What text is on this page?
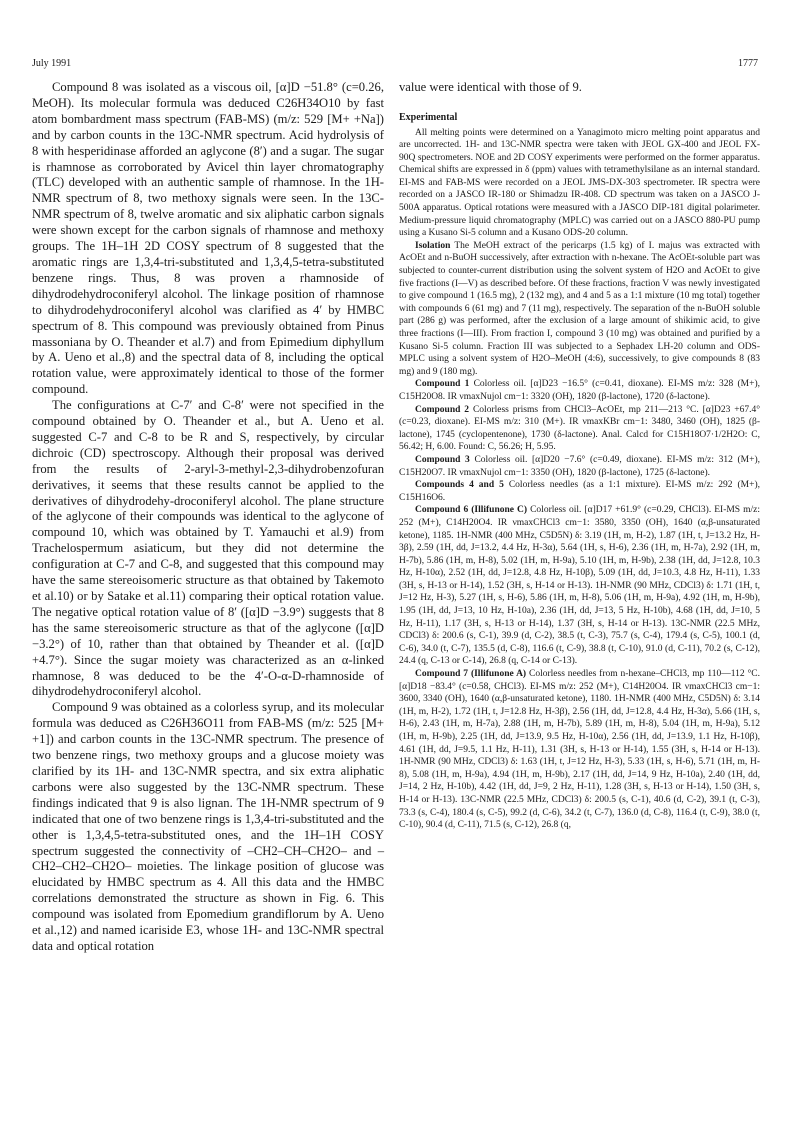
July 1991	1777

Compound 8 was isolated as a viscous oil, [α]D −51.8° (c=0.26, MeOH). Its molecular formula was deduced C26H34O10 by fast atom bombardment mass spectrum (FAB-MS) (m/z: 529 [M+ +Na]) and by carbon counts in the 13C-NMR spectrum. Acid hydrolysis of 8 with hesperidinase afforded an aglycone (8′) and a sugar. The sugar is rhamnose as corroborated by Avicel thin layer chromatography (TLC) developed with an authentic sample of rhamnose. In the 1H-NMR spectrum of 8, two methoxy signals were seen. In the 13C-NMR spectrum of 8, twelve aromatic and six aliphatic carbon signals were shown except for the carbon signals of rhamnose and methoxy groups. The 1H–1H 2D COSY spectrum of 8 suggested that the aromatic rings are 1,3,4-tri-substituted and 1,3,4,5-tetra-substituted benzene rings. Thus, 8 was proven a rhamnoside of dihydrodehydroconiferyl alcohol. The linkage position of rhamnose to dihydrodehydroconiferyl alcohol was clarified as 4′ by HMBC spectrum of 8. This compound was previously obtained from Pinus massoniana by O. Theander et al.7) and from Epimedium diphyllum by A. Ueno et al.,8) and the spectral data of 8, including the optical rotation value, were approximately identical to those of the former compound.

The configurations at C-7′ and C-8′ were not specified in the compound obtained by O. Theander et al., but A. Ueno et al. suggested C-7 and C-8 to be R and S, respectively, by circular dichroic (CD) spectroscopy. Although their proposal was derived from the results of 2-aryl-3-methyl-2,3-dihydrobenzofuran derivatives, it seems that these results cannot be applied to the derivatives of dihydrodehy-droconiferyl alcohol. The plane structure of the aglycone of their compounds was identical to the aglycone of compound 10, which was obtained by T. Yamauchi et al.9) from Trachelospermum asiaticum, but they did not determine the configuration at C-7 and C-8, and suggested that this compound may have the same stereoisomeric structure as that obtained by Takemoto et al.10) or by Satake et al.11) comparing their optical rotation value. The negative optical rotation value of 8′ ([α]D −3.9°) suggests that 8 has the same stereoisomeric structure as that of the aglycone ([α]D −3.2°) of 10, rather than that obtained by Theander et al. ([α]D +4.7°). Since the sugar moiety was characterized as an α-linked rhamnose, 8 was deduced to be the 4′-O-α-D-rhamnoside of dihydrodehydroconiferyl alcohol.

Compound 9 was obtained as a colorless syrup, and its molecular formula was deduced as C26H36O11 from FAB-MS (m/z: 525 [M+ +1]) and carbon counts in the 13C-NMR spectrum. The presence of two benzene rings, two methoxy groups and a glucose moiety was clarified by its 1H- and 13C-NMR spectra, and six extra aliphatic carbons were also suggested by the 13C-NMR spectrum. These findings indicated that 9 is also lignan. The 1H-NMR spectrum of 9 indicated that one of two benzene rings is 1,3,4-tri-substituted and the other is 1,3,4,5-tetra-substituted ones, and the 1H–1H COSY spectrum suggested the connectivity of –CH2–CH–CH2O– and –CH2–CH2–CH2O– moieties. The linkage position of glucose was elucidated by HMBC spectrum as 4. All this data and the HMBC correlations demonstrated the structure as shown in Fig. 6. This compound was isolated from Epomedium grandiflorum by A. Ueno et al.,12) and named icariside E3, whose 1H- and 13C-NMR spectral data and optical rotation

value were identical with those of 9.

Experimental

All melting points were determined on a Yanagimoto micro melting point apparatus and are uncorrected. 1H- and 13C-NMR spectra were taken with JEOL GX-400 and JEOL FX-90Q spectrometers. NOE and 2D COSY experiments were performed on the former apparatus. Chemical shifts are expressed in δ (ppm) values with tetramethylsilane as an internal standard. EI-MS and FAB-MS were recorded on a JEOL JMS-DX-303 spectrometer. IR spectra were recorded on a JASCO IR-180 or Shimadzu IR-408. CD spectrum was taken on a JASCO J-500A apparatus. Optical rotations were measured with a JASCO DIP-181 digital polarimeter. Medium-pressure liquid chromatography (MPLC) was carried out on a JASCO 880-PU pump using a Kusano Si-5 column and a Kusano ODS-20 column.

Isolation The MeOH extract of the pericarps (1.5 kg) of I. majus was extracted with AcOEt and n-BuOH successively, after extraction with n-hexane. The AcOEt-soluble part was subjected to counter-current distribution using the solvent system of H2O and AcOEt to give five fractions (I—V) as described before. Of these fractions, fraction V was newly investigated to give compound 1 (16.5 mg), 2 (132 mg), and 4 and 5 as a 1:1 mixture (10 mg total) together with compounds 6 (61 mg) and 7 (11 mg), respectively. The separation of the n-BuOH soluble part (286 g) was performed, after the exclusion of a large amount of shikimic acid, to give three fractions (I—III). From fraction I, compound 3 (10 mg) was obtained and purified by a Kusano Si-5 column. Fraction III was subjected to a Sephadex LH-20 column and ODS-MPLC using a solvent system of H2O–MeOH (4:6), successively, to give compounds 8 (83 mg) and 9 (180 mg).

Compound 1 Colorless oil. [α]D23 −16.5° (c=0.41, dioxane). EI-MS m/z: 328 (M+), C15H20O8. IR νmaxNujol cm−1: 3320 (OH), 1820 (β-lactone), 1720 (δ-lactone).

Compound 2 Colorless prisms from CHCl3–AcOEt, mp 211—213 °C. [α]D23 +67.4° (c=0.23, dioxane). EI-MS m/z: 310 (M+). IR νmaxKBr cm−1: 3480, 3460 (OH), 1825 (β-lactone), 1745 (cyclopentenone), 1730 (δ-lactone). Anal. Calcd for C15H18O7·1/2H2O: C, 56.42; H, 6.00. Found: C, 56.26; H, 5.95.

Compound 3 Colorless oil. [α]D20 −7.6° (c=0.49, dioxane). EI-MS m/z: 312 (M+), C15H20O7. IR νmaxNujol cm−1: 3350 (OH), 1820 (β-lactone), 1725 (δ-lactone).

Compounds 4 and 5 Colorless needles (as a 1:1 mixture). EI-MS m/z: 292 (M+), C15H16O6.

Compound 6 (Illifunone C) Colorless oil. [α]D17 +61.9° (c=0.29, CHCl3). EI-MS m/z: 252 (M+), C14H20O4. IR νmaxCHCl3 cm−1: 3580, 3350 (OH), 1640 (α,β-unsaturated ketone), 1185. 1H-NMR (400 MHz, C5D5N) δ: 3.19 (1H, m, H-2), 1.87 (1H, t, J=13.2 Hz, H-3β), 2.59 (1H, dd, J=13.2, 4.4 Hz, H-3α), 5.64 (1H, s, H-6), 2.36 (1H, m, H-7a), 2.92 (1H, m, H-7b), 5.86 (1H, m, H-8), 5.02 (1H, m, H-9a), 5.10 (1H, m, H-9b), 2.38 (1H, dd, J=12.8, 10.3 Hz, H-10α), 2.52 (1H, dd, J=12.8, 4.8 Hz, H-10β), 5.09 (1H, dd, J=10.3, 4.8 Hz, H-11), 1.33 (3H, s, H-13 or H-14), 1.52 (3H, s, H-14 or H-13). 1H-NMR (90 MHz, CDCl3) δ: 1.71 (1H, t, J=12 Hz, H-3), 5.27 (1H, s, H-6), 5.86 (1H, m, H-8), 5.06 (1H, m, H-9a), 4.92 (1H, m, H-9b), 1.95 (1H, dd, J=13, 10 Hz, H-10a), 2.36 (1H, dd, J=13, 5 Hz, H-10b), 4.68 (1H, dd, J=10, 5 Hz, H-11), 1.17 (3H, s, H-13 or H-14), 1.37 (3H, s, H-14 or H-13). 13C-NMR (22.5 MHz, CDCl3) δ: 200.6 (s, C-1), 39.9 (d, C-2), 38.5 (t, C-3), 75.7 (s, C-4), 179.4 (s, C-5), 100.1 (d, C-6), 34.0 (t, C-7), 135.5 (d, C-8), 116.6 (t, C-9), 38.8 (t, C-10), 91.0 (d, C-11), 70.2 (s, C-12), 24.4 (q, C-13 or C-14), 26.8 (q, C-14 or C-13).

Compound 7 (Illifunone A) Colorless needles from n-hexane–CHCl3, mp 110—112 °C. [α]D18 −83.4° (c=0.58, CHCl3). EI-MS m/z: 252 (M+), C14H20O4. IR νmaxCHCl3 cm−1: 3600, 3340 (OH), 1640 (α,β-unsaturated ketone), 1180. 1H-NMR (400 MHz, C5D5N) δ: 3.14 (1H, m, H-2), 1.72 (1H, t, J=12.8 Hz, H-3β), 2.56 (1H, dd, J=12.8, 4.4 Hz, H-3α), 5.66 (1H, s, H-6), 2.43 (1H, m, H-7a), 2.88 (1H, m, H-7b), 5.89 (1H, m, H-8), 5.04 (1H, m, H-9a), 5.12 (1H, m, H-9b), 2.25 (1H, dd, J=13.9, 9.5 Hz, H-10α), 2.56 (1H, dd, J=13.9, 1.1 Hz, H-10β), 4.61 (1H, dd, J=9.5, 1.1 Hz, H-11), 1.31 (3H, s, H-13 or H-14), 1.55 (3H, s, H-14 or H-13). 1H-NMR (90 MHz, CDCl3) δ: 1.63 (1H, t, J=12 Hz, H-3), 5.33 (1H, s, H-6), 5.71 (1H, m, H-8), 5.08 (1H, m, H-9a), 4.94 (1H, m, H-9b), 2.17 (1H, dd, J=14, 9 Hz, H-10a), 2.40 (1H, dd, J=14, 2 Hz, H-10b), 4.42 (1H, dd, J=9, 2 Hz, H-11), 1.28 (3H, s, H-13 or H-14), 1.50 (3H, s, H-14 or H-13). 13C-NMR (22.5 MHz, CDCl3) δ: 200.5 (s, C-1), 40.6 (d, C-2), 39.1 (t, C-3), 73.3 (s, C-4), 180.4 (s, C-5), 99.2 (d, C-6), 34.2 (t, C-7), 136.0 (d, C-8), 116.4 (t, C-9), 38.0 (t, C-10), 90.4 (d, C-11), 71.5 (s, C-12), 26.8 (q,
